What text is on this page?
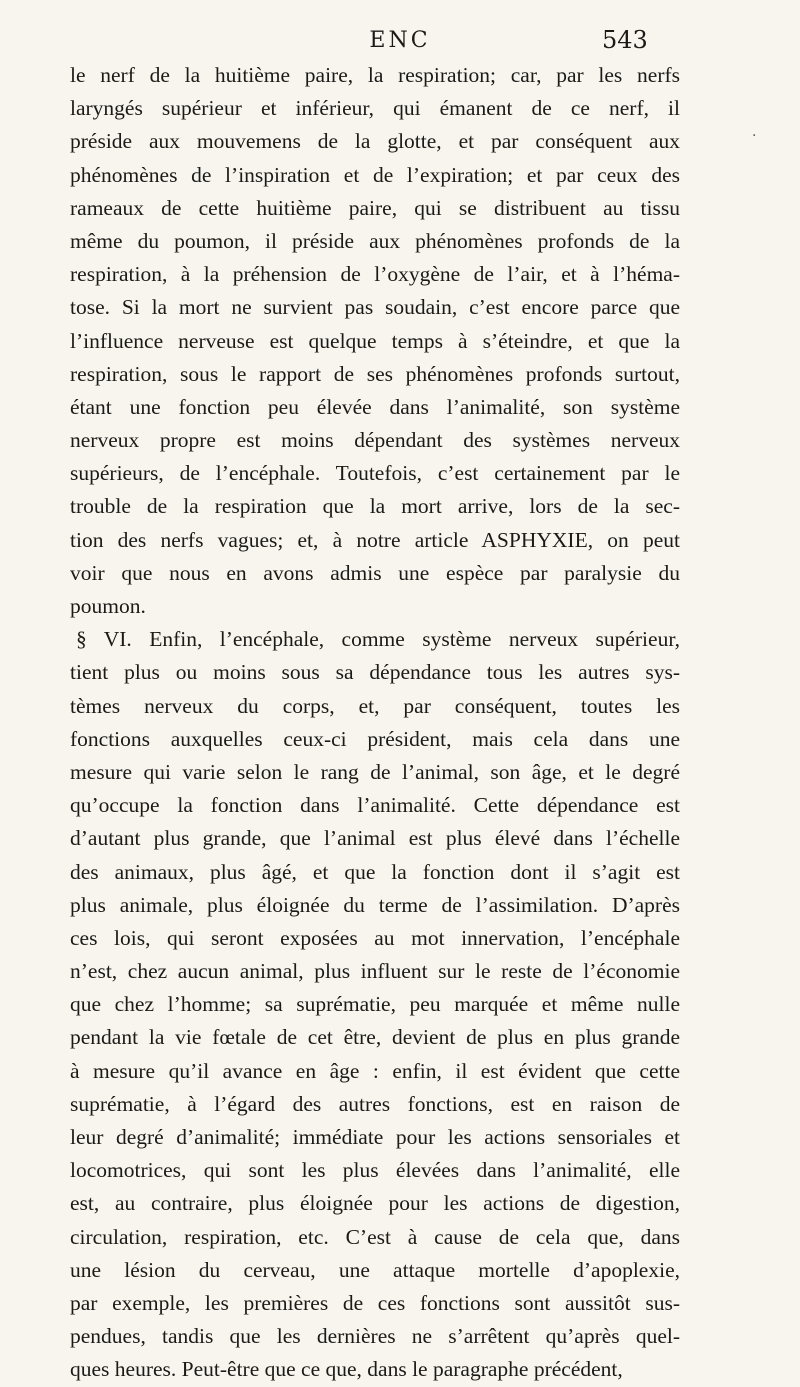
ENC	543
·
le nerf de la huitième paire, la respiration; car, par les nerfs
laryngés supérieur et inférieur, qui émanent de ce nerf, il
préside aux mouvemens de la glotte, et par conséquent aux
phénomènes de l’inspiration et de l’expiration; et par ceux des
rameaux de cette huitième paire, qui se distribuent au tissu
même du poumon, il préside aux phénomènes profonds de la
respiration, à la préhension de l’oxygène de l’air, et à l’héma-
tose. Si la mort ne survient pas soudain, c’est encore parce que
l’influence nerveuse est quelque temps à s’éteindre, et que la
respiration, sous le rapport de ses phénomènes profonds surtout,
étant une fonction peu élevée dans l’animalité, son système
nerveux propre est moins dépendant des systèmes nerveux
supérieurs, de l’encéphale. Toutefois, c’est certainement par le
trouble de la respiration que la mort arrive, lors de la sec-
tion des nerfs vagues; et, à notre article ASPHYXIE, on peut
voir que nous en avons admis une espèce par paralysie du
poumon.
§ VI. Enfin, l’encéphale, comme système nerveux supérieur,
tient plus ou moins sous sa dépendance tous les autres sys-
tèmes nerveux du corps, et, par conséquent, toutes les
fonctions auxquelles ceux-ci président, mais cela dans une
mesure qui varie selon le rang de l’animal, son âge, et le degré
qu’occupe la fonction dans l’animalité. Cette dépendance est
d’autant plus grande, que l’animal est plus élevé dans l’échelle
des animaux, plus âgé, et que la fonction dont il s’agit est
plus animale, plus éloignée du terme de l’assimilation. D’après
ces lois, qui seront exposées au mot innervation, l’encéphale
n’est, chez aucun animal, plus influent sur le reste de l’économie
que chez l’homme; sa suprématie, peu marquée et même nulle
pendant la vie fœtale de cet être, devient de plus en plus grande
à mesure qu’il avance en âge : enfin, il est évident que cette
suprématie, à l’égard des autres fonctions, est en raison de
leur degré d’animalité; immédiate pour les actions sensoriales et
locomotrices, qui sont les plus élevées dans l’animalité, elle
est, au contraire, plus éloignée pour les actions de digestion,
circulation, respiration, etc. C’est à cause de cela que, dans
une lésion du cerveau, une attaque mortelle d’apoplexie,
par exemple, les premières de ces fonctions sont aussitôt sus-
pendues, tandis que les dernières ne s’arrêtent qu’après quel-
ques heures. Peut-être que ce que, dans le paragraphe précédent,
